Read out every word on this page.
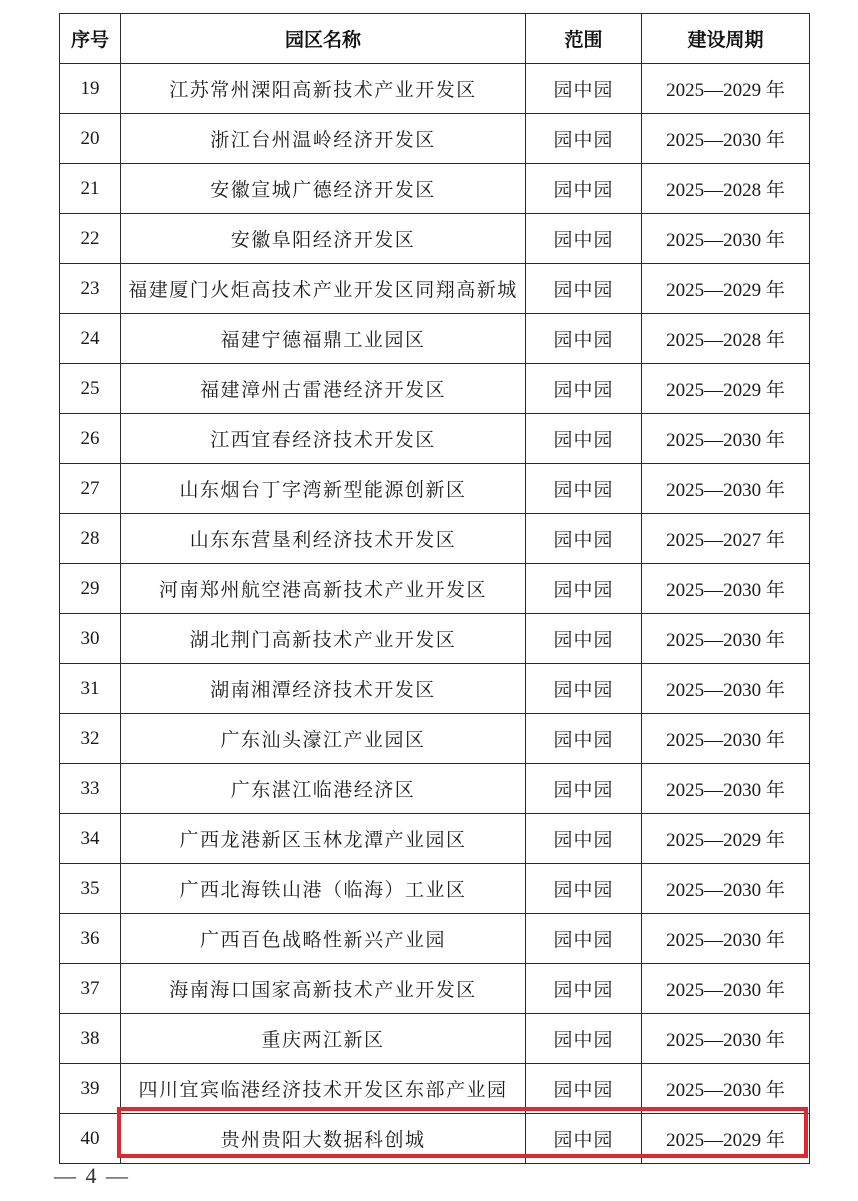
序号	园区名称	范围	建设周期
19	江苏常州溧阳高新技术产业开发区	园中园	2025—2029 年
20	浙江台州温岭经济开发区	园中园	2025—2030 年
21	安徽宣城广德经济开发区	园中园	2025—2028 年
22	安徽阜阳经济开发区	园中园	2025—2030 年
23	福建厦门火炬高技术产业开发区同翔高新城	园中园	2025—2029 年
24	福建宁德福鼎工业园区	园中园	2025—2028 年
25	福建漳州古雷港经济开发区	园中园	2025—2029 年
26	江西宜春经济技术开发区	园中园	2025—2030 年
27	山东烟台丁字湾新型能源创新区	园中园	2025—2030 年
28	山东东营垦利经济技术开发区	园中园	2025—2027 年
29	河南郑州航空港高新技术产业开发区	园中园	2025—2030 年
30	湖北荆门高新技术产业开发区	园中园	2025—2030 年
31	湖南湘潭经济技术开发区	园中园	2025—2030 年
32	广东汕头濠江产业园区	园中园	2025—2030 年
33	广东湛江临港经济区	园中园	2025—2030 年
34	广西龙港新区玉林龙潭产业园区	园中园	2025—2029 年
35	广西北海铁山港（临海）工业区	园中园	2025—2030 年
36	广西百色战略性新兴产业园	园中园	2025—2030 年
37	海南海口国家高新技术产业开发区	园中园	2025—2030 年
38	重庆两江新区	园中园	2025—2030 年
39	四川宜宾临港经济技术开发区东部产业园	园中园	2025—2030 年
40	贵州贵阳大数据科创城	园中园	2025—2029 年
— 4 —
